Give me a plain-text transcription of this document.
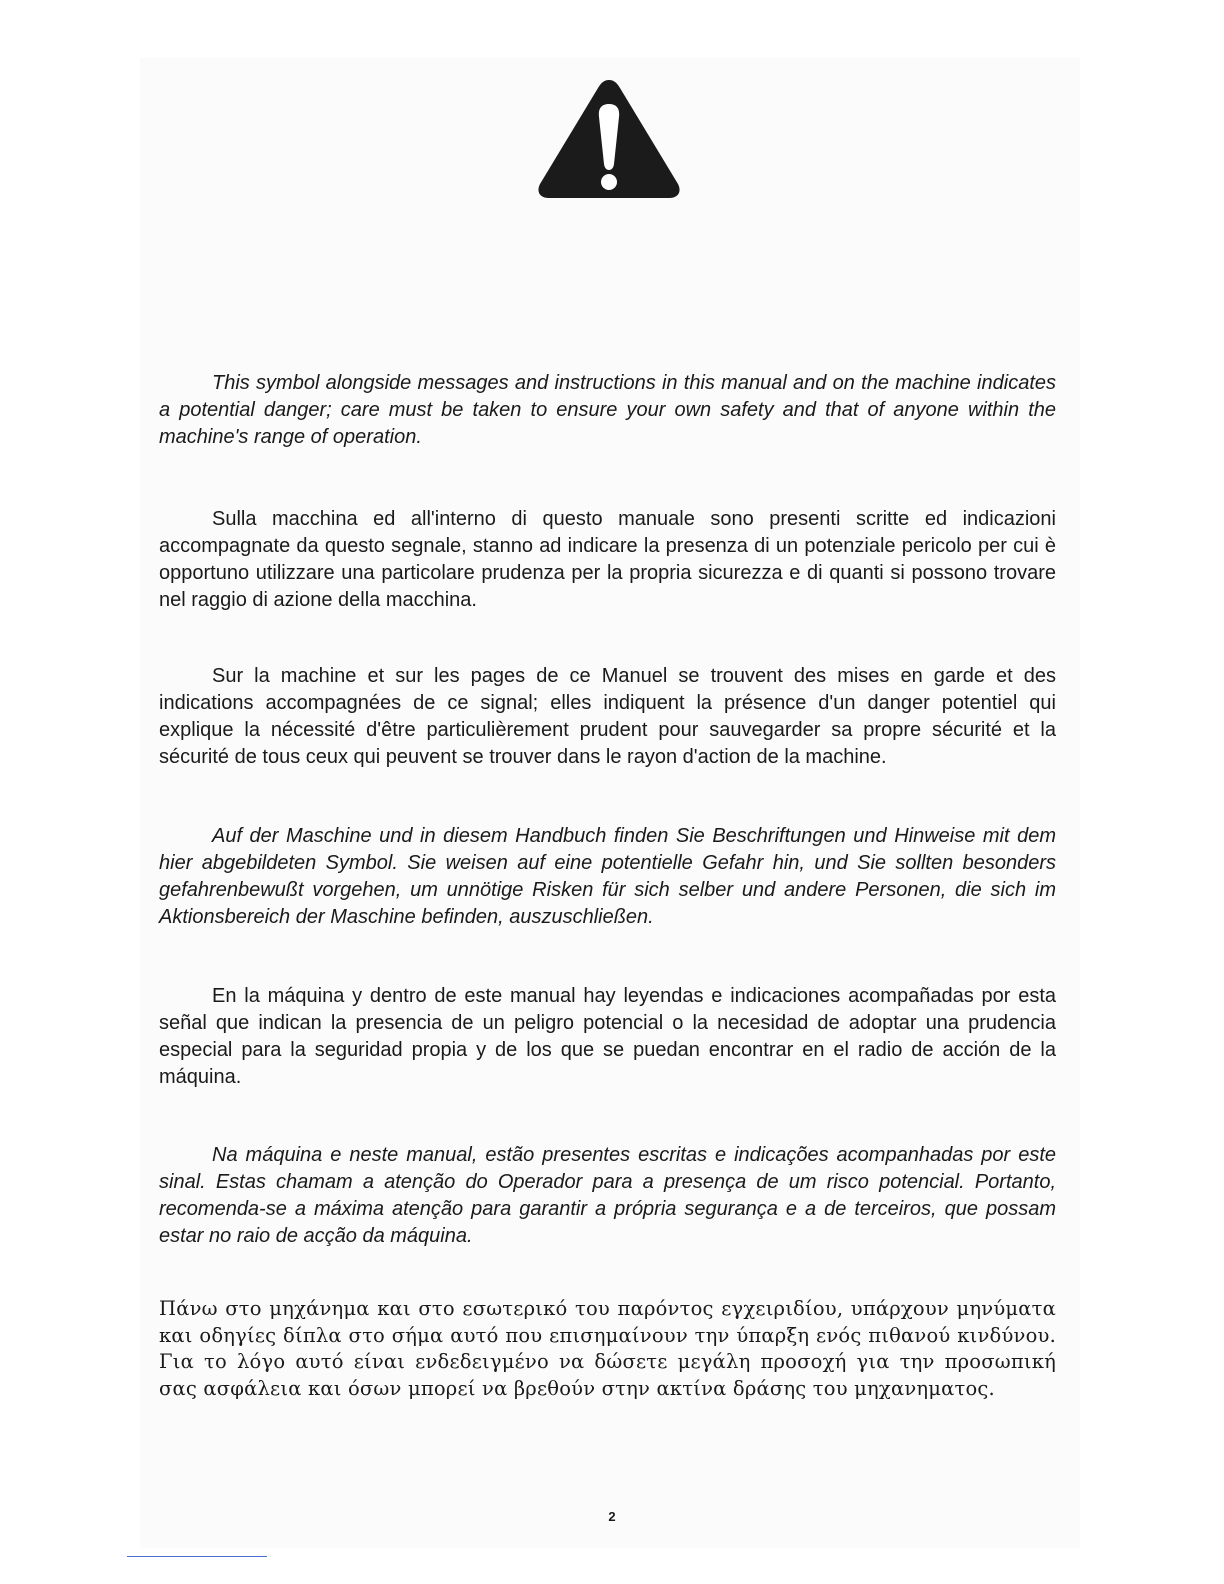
This symbol alongside messages and instructions in this manual and on the machine indicates a potential danger; care must be taken to ensure your own safety and that of anyone within the machine's range of operation.

Sulla macchina ed all'interno di questo manuale sono presenti scritte ed indicazioni accompagnate da questo segnale, stanno ad indicare la presenza di un potenziale pericolo per cui è opportuno utilizzare una particolare prudenza per la propria sicurezza e di quanti si possono trovare nel raggio di azione della macchina.

Sur la machine et sur les pages de ce Manuel se trouvent des mises en garde et des indications accompagnées de ce signal; elles indiquent la présence d'un danger potentiel qui explique la nécessité d'être particulièrement prudent pour sauvegarder sa propre sécurité et la sécurité de tous ceux qui peuvent se trouver dans le rayon d'action de la machine.

Auf der Maschine und in diesem Handbuch finden Sie Beschriftungen und Hinweise mit dem hier abgebildeten Symbol. Sie weisen auf eine potentielle Gefahr hin, und Sie sollten besonders gefahrenbewußt vorgehen, um unnötige Risken für sich selber und andere Personen, die sich im Aktionsbereich der Maschine befinden, auszuschließen.

En la máquina y dentro de este manual hay leyendas e indicaciones acompañadas por esta señal que indican la presencia de un peligro potencial o la necesidad de adoptar una prudencia especial para la seguridad propia y de los que se puedan encontrar en el radio de acción de la máquina.

Na máquina e neste manual, estão presentes escritas e indicações acompanhadas por este sinal. Estas chamam a atenção do Operador para a presença de um risco potencial. Portanto, recomenda-se a máxima atenção para garantir a própria segurança e a de terceiros, que possam estar no raio de acção da máquina.

Πάνω στο μηχάνημα και στο εσωτερικό του παρόντος εγχειριδίου, υπάρχουν μηνύματα και οδηγίες δίπλα στο σήμα αυτό που επισημαίνουν την ύπαρξη ενός πιθανού κινδύνου. Για το λόγο αυτό είναι ενδεδειγμένο να δώσετε μεγάλη προσοχή για την προσωπική σας ασφάλεια και όσων μπορεί να βρεθούν στην ακτίνα δράσης του μηχανηματος.

2
